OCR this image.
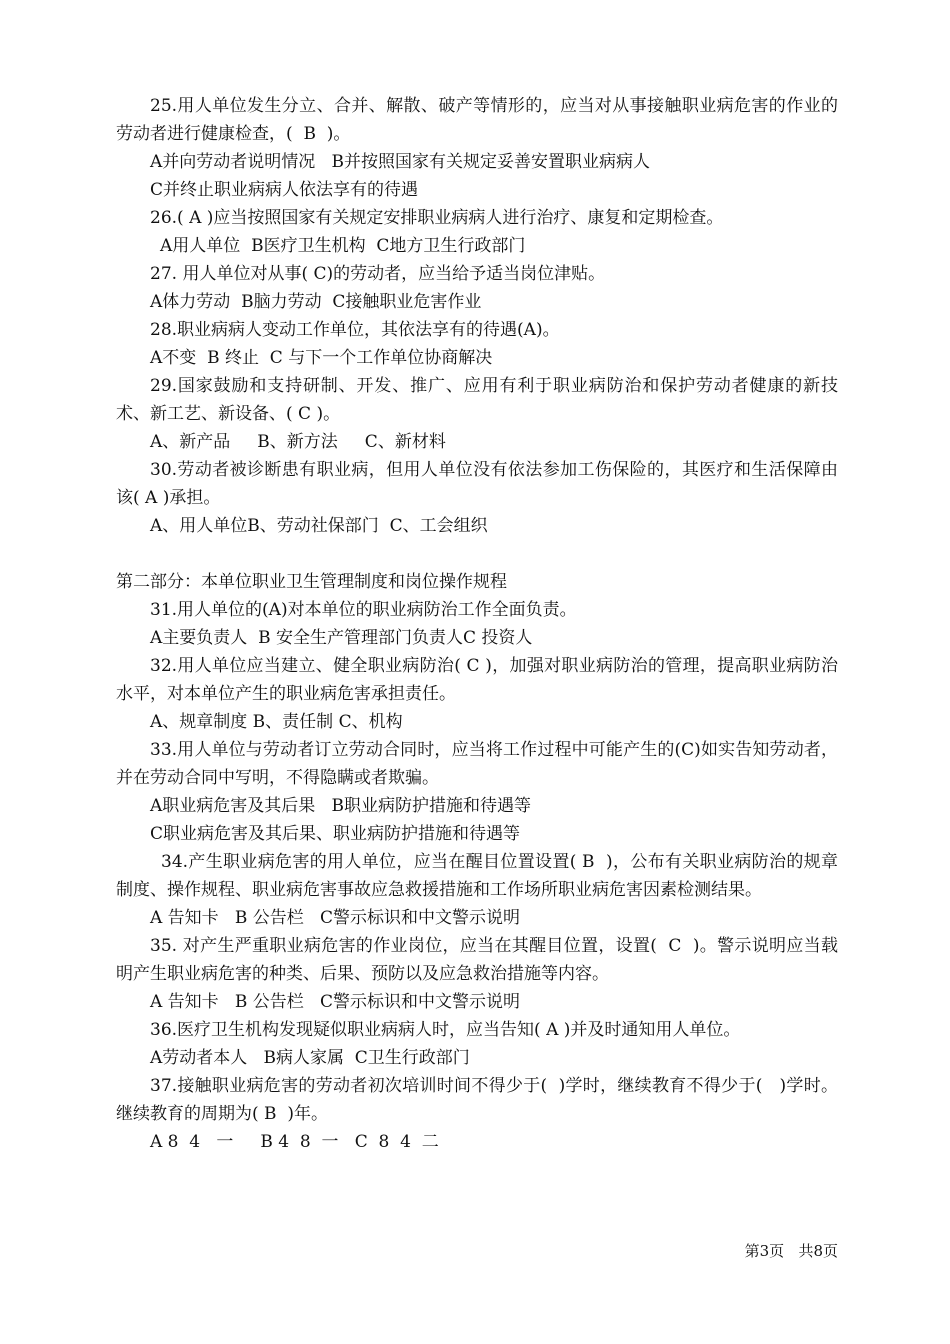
25.用人单位发生分立、合并、解散、破产等情形的，应当对从事接触职业病危害的作业的劳动者进行健康检查，(  B  )。

A并向劳动者说明情况   B并按照国家有关规定妥善安置职业病病人

C并终止职业病病人依法享有的待遇

26.( A )应当按照国家有关规定安排职业病病人进行治疗、康复和定期检查。

A用人单位  B医疗卫生机构  C地方卫生行政部门

27. 用人单位对从事( C)的劳动者，应当给予适当岗位津贴。

A体力劳动  B脑力劳动  C接触职业危害作业

28.职业病病人变动工作单位，其依法享有的待遇(A)。

A不变  B 终止  C 与下一个工作单位协商解决

29.国家鼓励和支持研制、开发、推广、应用有利于职业病防治和保护劳动者健康的新技术、新工艺、新设备、( C )。

A、新产品     B、新方法     C、新材料

30.劳动者被诊断患有职业病，但用人单位没有依法参加工伤保险的，其医疗和生活保障由该( A )承担。

A、用人单位B、劳动社保部门  C、工会组织

第二部分：本单位职业卫生管理制度和岗位操作规程

31.用人单位的(A)对本单位的职业病防治工作全面负责。

A主要负责人  B 安全生产管理部门负责人C 投资人

32.用人单位应当建立、健全职业病防治( C )，加强对职业病防治的管理，提高职业病防治水平，对本单位产生的职业病危害承担责任。

A、规章制度 B、责任制 C、机构

33.用人单位与劳动者订立劳动合同时，应当将工作过程中可能产生的(C)如实告知劳动者，并在劳动合同中写明，不得隐瞒或者欺骗。

A职业病危害及其后果   B职业病防护措施和待遇等

C职业病危害及其后果、职业病防护措施和待遇等

34.产生职业病危害的用人单位，应当在醒目位置设置( B  )，公布有关职业病防治的规章制度、操作规程、职业病危害事故应急救援措施和工作场所职业病危害因素检测结果。

A 告知卡   B 公告栏   C警示标识和中文警示说明

35. 对产生严重职业病危害的作业岗位，应当在其醒目位置，设置(  C  )。警示说明应当载明产生职业病危害的种类、后果、预防以及应急救治措施等内容。

A 告知卡   B 公告栏   C警示标识和中文警示说明

36.医疗卫生机构发现疑似职业病病人时，应当告知( A )并及时通知用人单位。

A劳动者本人   B病人家属  C卫生行政部门

37.接触职业病危害的劳动者初次培训时间不得少于(  )学时，继续教育不得少于(   )学时。继续教育的周期为( B  )年。

A 8  4   一     B 4  8  一   C  8  4  二

第3页   共8页
